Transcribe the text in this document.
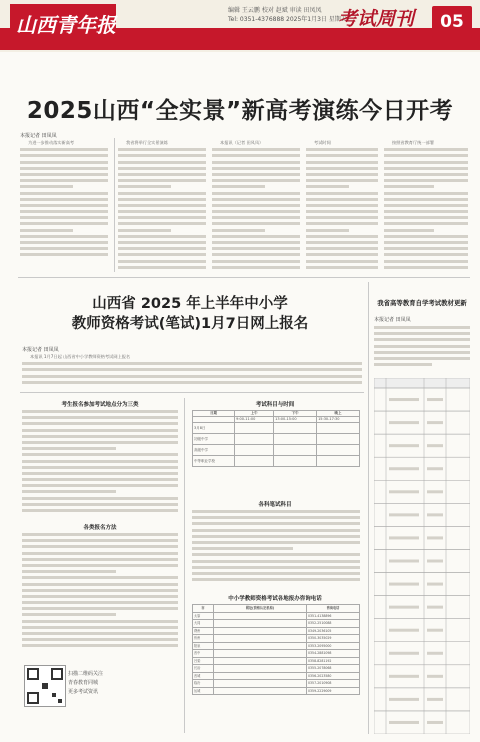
山西青年报
编辑 王云鹏 校对 赵斌 审读 田凤凤
Tel: 0351-4376888 2025年1月3日 星期五
考试周刊	05
2025山西“全实景”新高考演练今日开考
本报记者 田凤凤

为进一步推动落实新高考	我省将举行全实景演练	本报讯（记者 田凤凤）	考试时间	按照省教育厅统一部署

山西省 2025 年上半年中小学
教师资格考试(笔试)1月7日网上报名
本报记者 田凤凤

本报讯 1月7日起 山西省中小学教师资格考试网上报名

考生报名参加考试地点分为三类
各类报名方法
扫描二维码关注
青春教育同城
更多考试资讯
考试科目与时间
日期	上午	下午	晚上
	9:00-11:00	13:00-15:00	15:30-17:30
3月8日			
初级中学			
高级中学			
中等职业学校			
各科笔试科目
中小学教师资格考试各地报办咨询电话
市	网址(资格认定机构)	咨询电话
太原		0351-4138896
大同		0352-2510088
朔州		0349-2036105
忻州		0350-3035029
阳泉		0353-2095000
晋中		0354-2881098
吕梁		0358-8281192
长治		0355-2078068
晋城		0356-2023580
临汾		0357-2010908
运城		0359-2229009
我省高等教育自学考试教材更新
本报记者 田凤凤
